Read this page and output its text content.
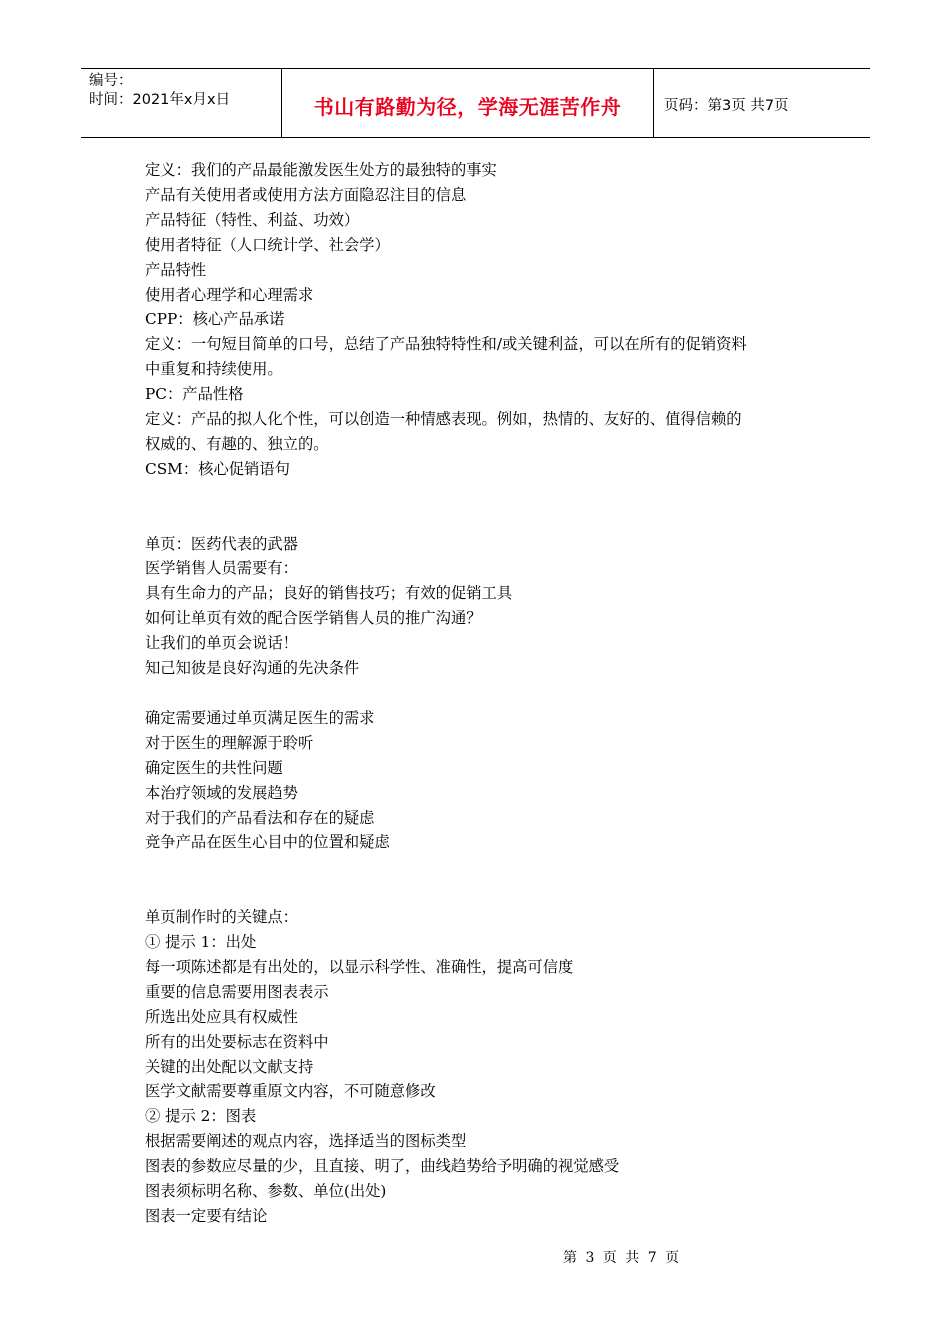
编号：
时间：2021年x月x日	书山有路勤为径，学海无涯苦作舟	页码：第3页 共7页
定义：我们的产品最能激发医生处方的最独特的事实
产品有关使用者或使用方法方面隐忍注目的信息
产品特征（特性、利益、功效）
使用者特征（人口统计学、社会学）
产品特性
使用者心理学和心理需求
CPP：核心产品承诺
定义：一句短目简单的口号，总结了产品独特特性和/或关键利益，可以在所有的促销资料
中重复和持续使用。
PC：产品性格
定义：产品的拟人化个性，可以创造一种情感表现。例如，热情的、友好的、值得信赖的
权威的、有趣的、独立的。
CSM：核心促销语句
单页：医药代表的武器
医学销售人员需要有：
具有生命力的产品；良好的销售技巧；有效的促销工具
如何让单页有效的配合医学销售人员的推广沟通？
让我们的单页会说话！
知己知彼是良好沟通的先决条件
确定需要通过单页满足医生的需求
对于医生的理解源于聆听
确定医生的共性问题
本治疗领域的发展趋势
对于我们的产品看法和存在的疑虑
竞争产品在医生心目中的位置和疑虑
单页制作时的关键点：
① 提示 1：出处
每一项陈述都是有出处的，以显示科学性、准确性，提高可信度
重要的信息需要用图表表示
所选出处应具有权威性
所有的出处要标志在资料中
关键的出处配以文献支持
医学文献需要尊重原文内容，不可随意修改
② 提示 2：图表
根据需要阐述的观点内容，选择适当的图标类型
图表的参数应尽量的少，且直接、明了，曲线趋势给予明确的视觉感受
图表须标明名称、参数、单位(出处)
图表一定要有结论
第 3 页 共 7 页
